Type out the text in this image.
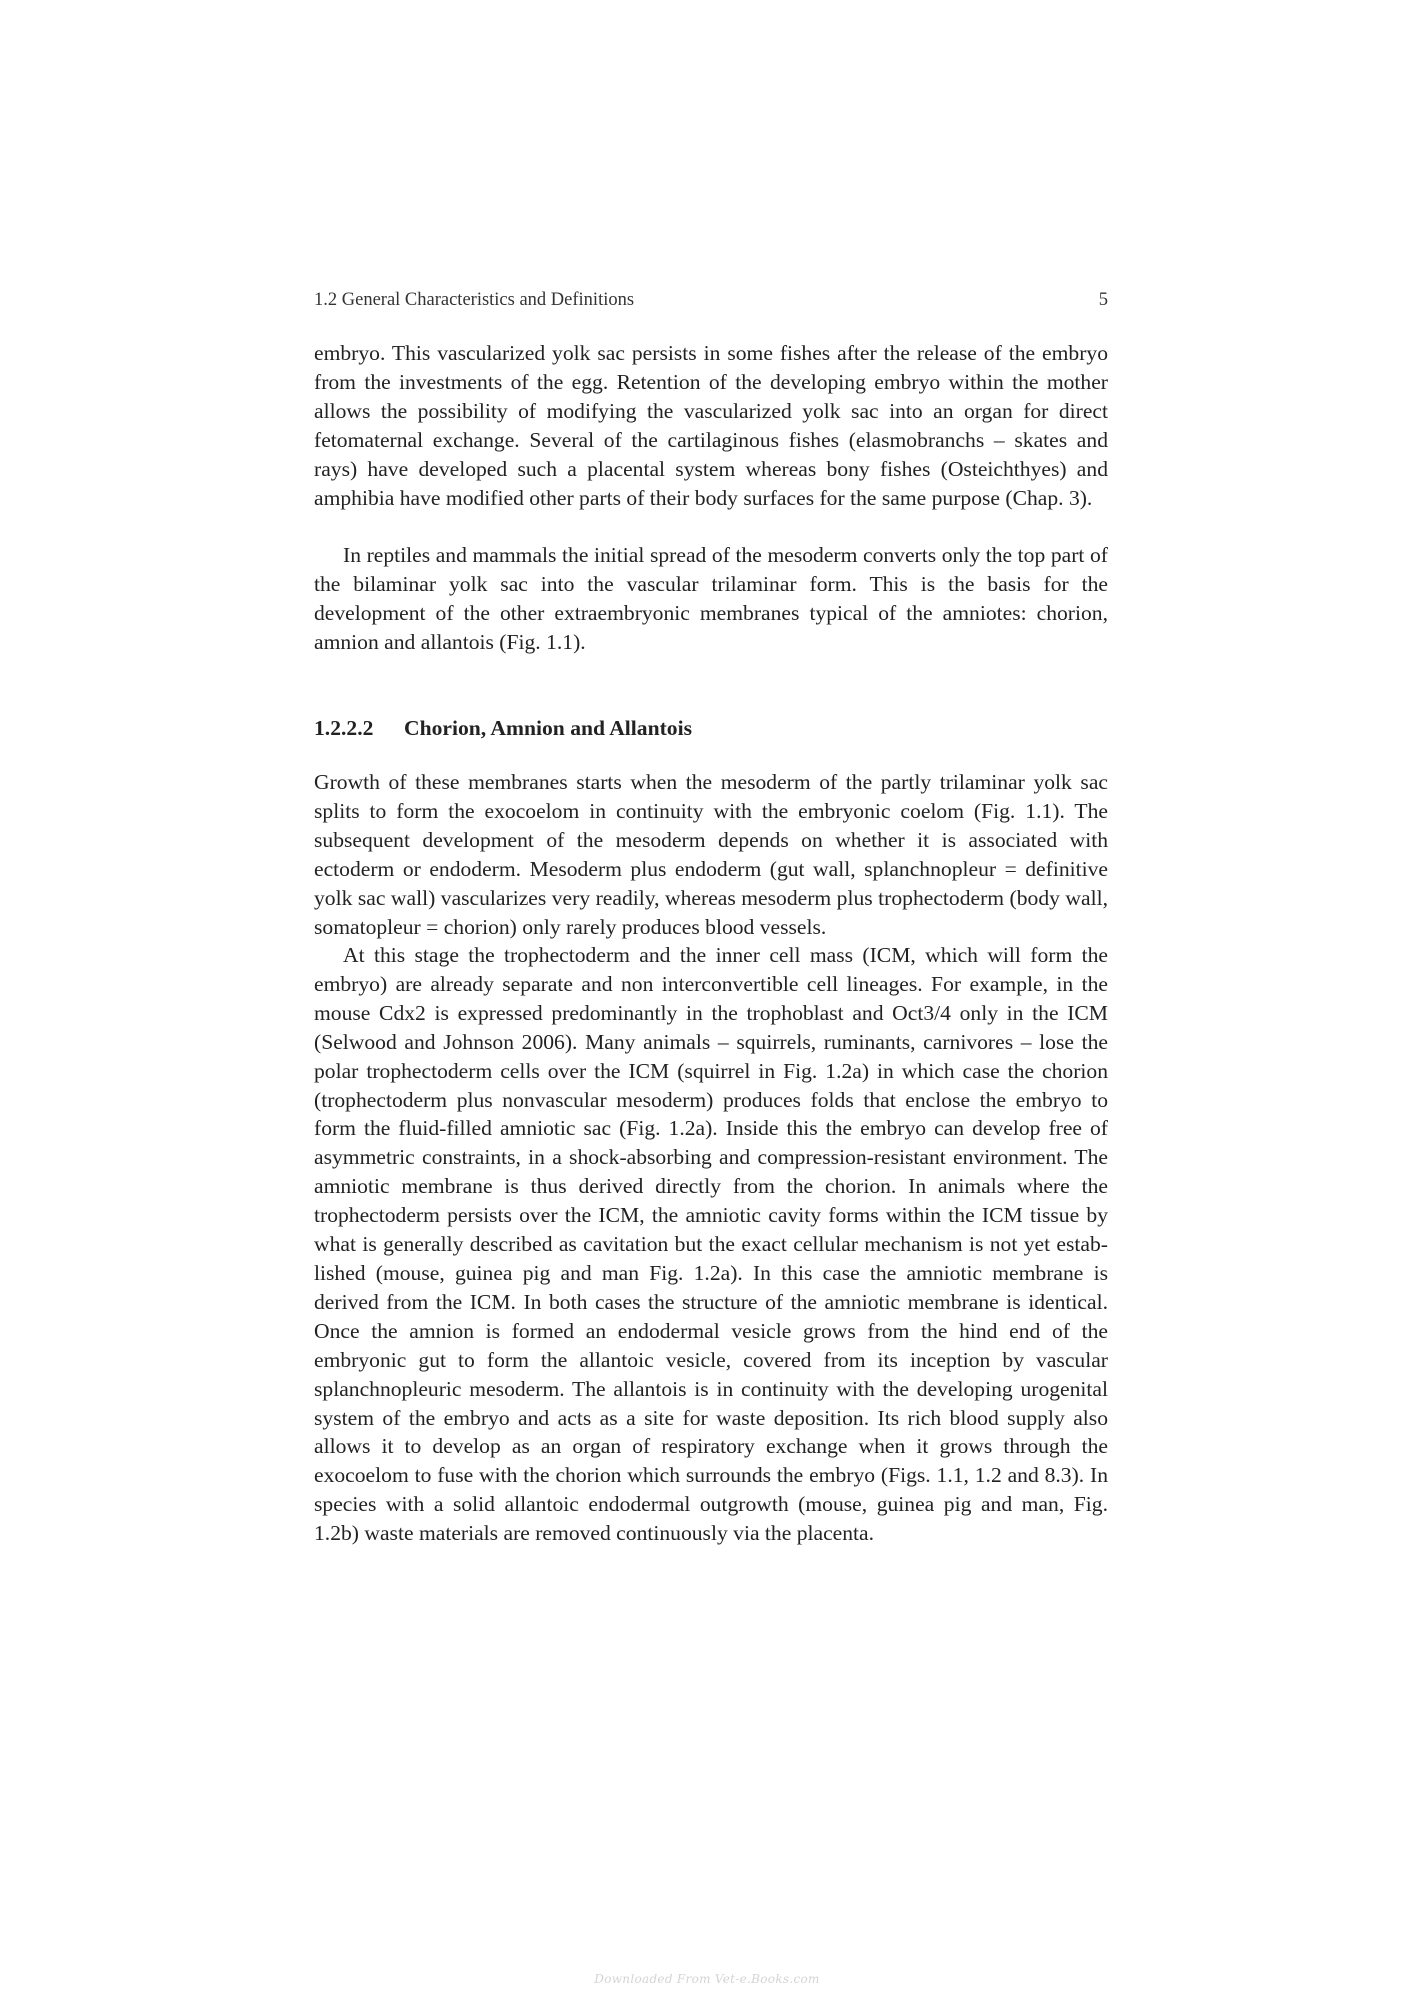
1.2 General Characteristics and Definitions	5

embryo. This vascularized yolk sac persists in some fishes after the release of the embryo from the investments of the egg. Retention of the developing embryo within the mother allows the possibility of modifying the vascularized yolk sac into an organ for direct fetomaternal exchange. Several of the cartilaginous fishes (elasmobranchs – skates and rays) have developed such a placental system whereas bony fishes (Osteichthyes) and amphibia have modified other parts of their body surfaces for the same purpose (Chap. 3).

In reptiles and mammals the initial spread of the mesoderm converts only the top part of the bilaminar yolk sac into the vascular trilaminar form. This is the basis for the development of the other extraembryonic membranes typical of the amniotes: chorion, amnion and allantois (Fig. 1.1).

1.2.2.2 Chorion, Amnion and Allantois

Growth of these membranes starts when the mesoderm of the partly trilaminar yolk sac splits to form the exocoelom in continuity with the embryonic coelom (Fig. 1.1). The subsequent development of the mesoderm depends on whether it is associated with ectoderm or endoderm. Mesoderm plus endoderm (gut wall, splanchnopleur = definitive yolk sac wall) vascularizes very readily, whereas mesoderm plus trophectoderm (body wall, somatopleur = chorion) only rarely produces blood vessels.

At this stage the trophectoderm and the inner cell mass (ICM, which will form the embryo) are already separate and non interconvertible cell lineages. For example, in the mouse Cdx2 is expressed predominantly in the trophoblast and Oct3/4 only in the ICM (Selwood and Johnson 2006). Many animals – squirrels, ruminants, carnivores – lose the polar trophectoderm cells over the ICM (squirrel in Fig. 1.2a) in which case the chorion (trophectoderm plus nonvascular mesoderm) produces folds that enclose the embryo to form the fluid-filled amniotic sac (Fig. 1.2a). Inside this the embryo can develop free of asymmetric constraints, in a shock-absorbing and compression-resistant environment. The amniotic membrane is thus derived directly from the chorion. In animals where the trophectoderm persists over the ICM, the amniotic cavity forms within the ICM tissue by what is generally described as cavitation but the exact cellular mechanism is not yet established (mouse, guinea pig and man Fig. 1.2a). In this case the amniotic membrane is derived from the ICM. In both cases the structure of the amniotic membrane is identical. Once the amnion is formed an endodermal vesicle grows from the hind end of the embryonic gut to form the allantoic vesicle, covered from its inception by vascular splanchnopleuric mesoderm. The allantois is in continuity with the developing urogenital system of the embryo and acts as a site for waste deposition. Its rich blood supply also allows it to develop as an organ of respiratory exchange when it grows through the exocoelom to fuse with the chorion which surrounds the embryo (Figs. 1.1, 1.2 and 8.3). In species with a solid allantoic endodermal outgrowth (mouse, guinea pig and man, Fig. 1.2b) waste materials are removed continuously via the placenta.

Downloaded From Vet-e.Books.com
